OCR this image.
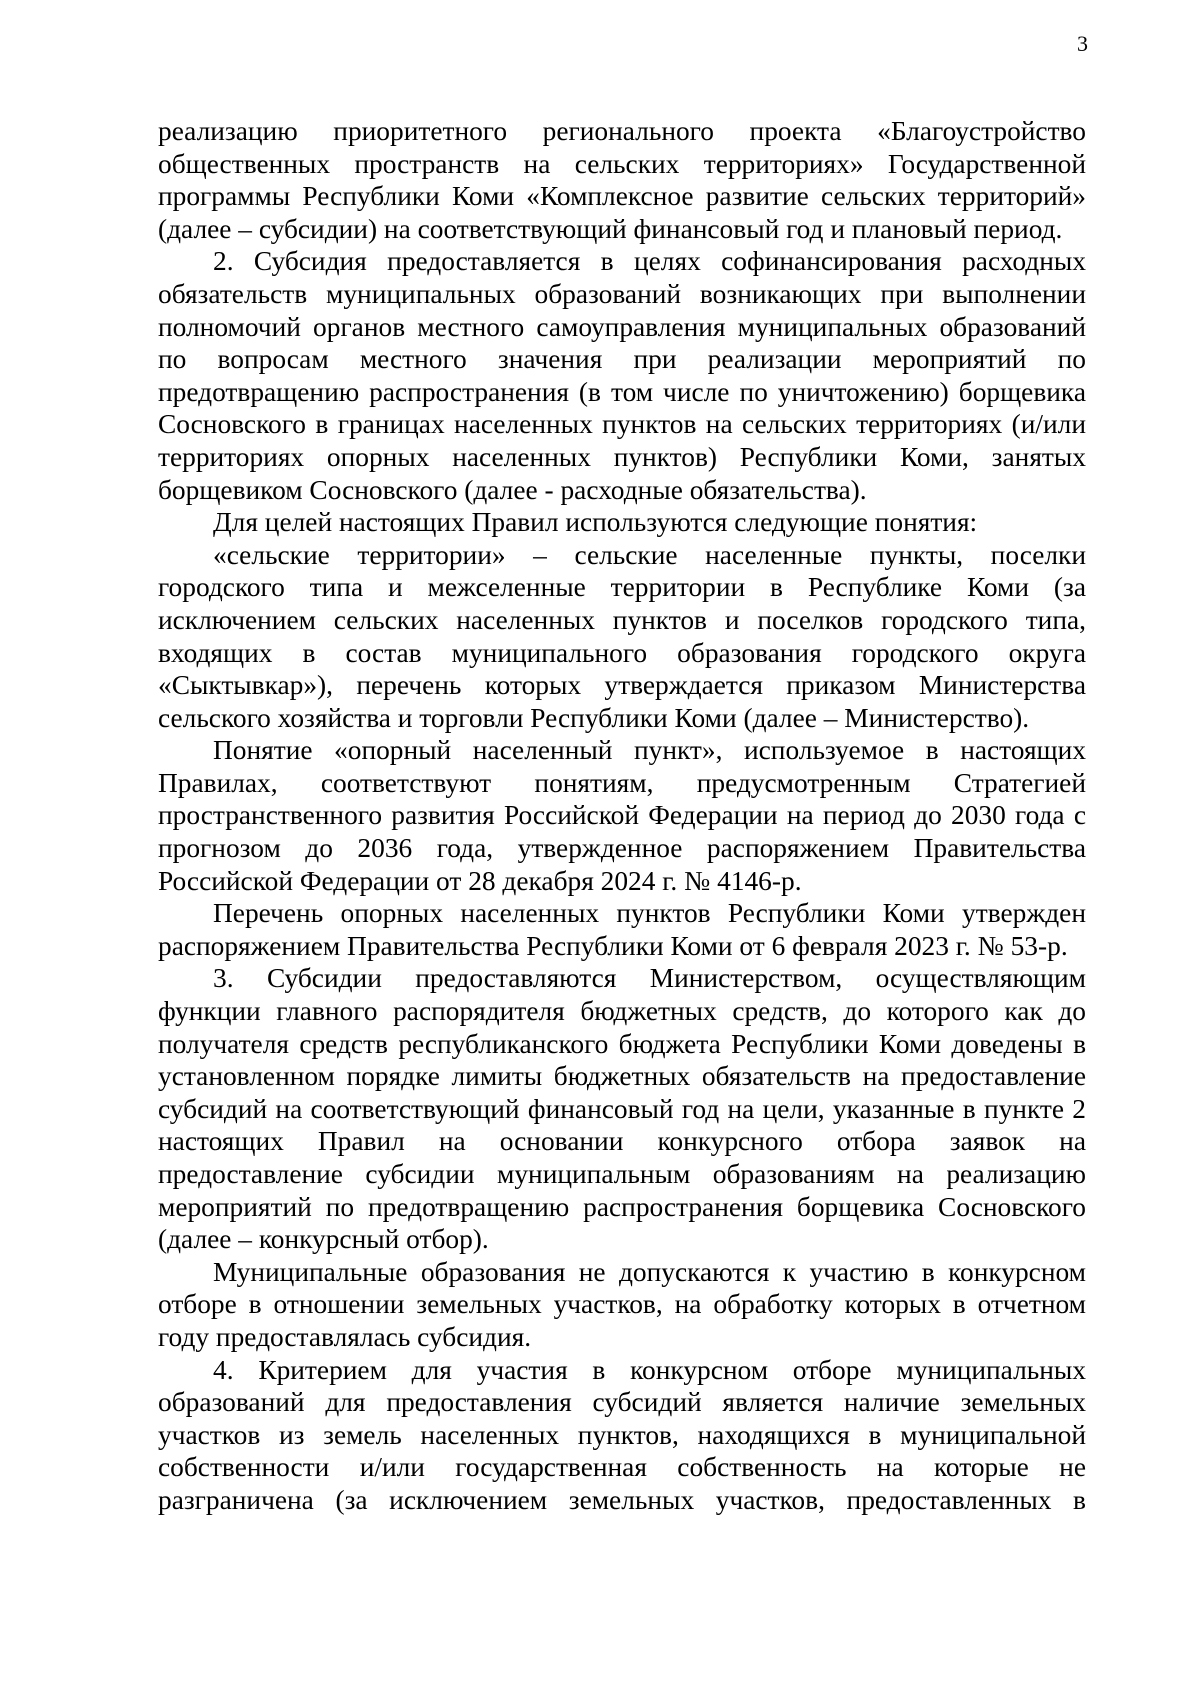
3

реализацию приоритетного регионального проекта «Благоустройство общественных пространств на сельских территориях» Государственной программы Республики Коми «Комплексное развитие сельских территорий» (далее – субсидии) на соответствующий финансовый год и плановый период.

2. Субсидия предоставляется в целях софинансирования расходных обязательств муниципальных образований возникающих при выполнении полномочий органов местного самоуправления муниципальных образований по вопросам местного значения при реализации мероприятий по предотвращению распространения (в том числе по уничтожению) борщевика Сосновского в границах населенных пунктов на сельских территориях (и/или территориях опорных населенных пунктов) Республики Коми, занятых борщевиком Сосновского (далее - расходные обязательства).

Для целей настоящих Правил используются следующие понятия:

«сельские территории» – сельские населенные пункты, поселки городского типа и межселенные территории в Республике Коми (за исключением сельских населенных пунктов и поселков городского типа, входящих в состав муниципального образования городского округа «Сыктывкар»), перечень которых утверждается приказом Министерства сельского хозяйства и торговли Республики Коми (далее – Министерство).

Понятие «опорный населенный пункт», используемое в настоящих Правилах, соответствуют понятиям, предусмотренным Стратегией пространственного развития Российской Федерации на период до 2030 года с прогнозом до 2036 года, утвержденное распоряжением Правительства Российской Федерации от 28 декабря 2024 г. № 4146-р.

Перечень опорных населенных пунктов Республики Коми утвержден распоряжением Правительства Республики Коми от 6 февраля 2023 г. № 53-р.

3. Субсидии предоставляются Министерством, осуществляющим функции главного распорядителя бюджетных средств, до которого как до получателя средств республиканского бюджета Республики Коми доведены в установленном порядке лимиты бюджетных обязательств на предоставление субсидий на соответствующий финансовый год на цели, указанные в пункте 2 настоящих Правил на основании конкурсного отбора заявок на предоставление субсидии муниципальным образованиям на реализацию мероприятий по предотвращению распространения борщевика Сосновского (далее – конкурсный отбор).

Муниципальные образования не допускаются к участию в конкурсном отборе в отношении земельных участков, на обработку которых в отчетном году предоставлялась субсидия.

4. Критерием для участия в конкурсном отборе муниципальных образований для предоставления субсидий является наличие земельных участков из земель населенных пунктов, находящихся в муниципальной собственности и/или государственная собственность на которые не разграничена (за исключением земельных участков, предоставленных в
